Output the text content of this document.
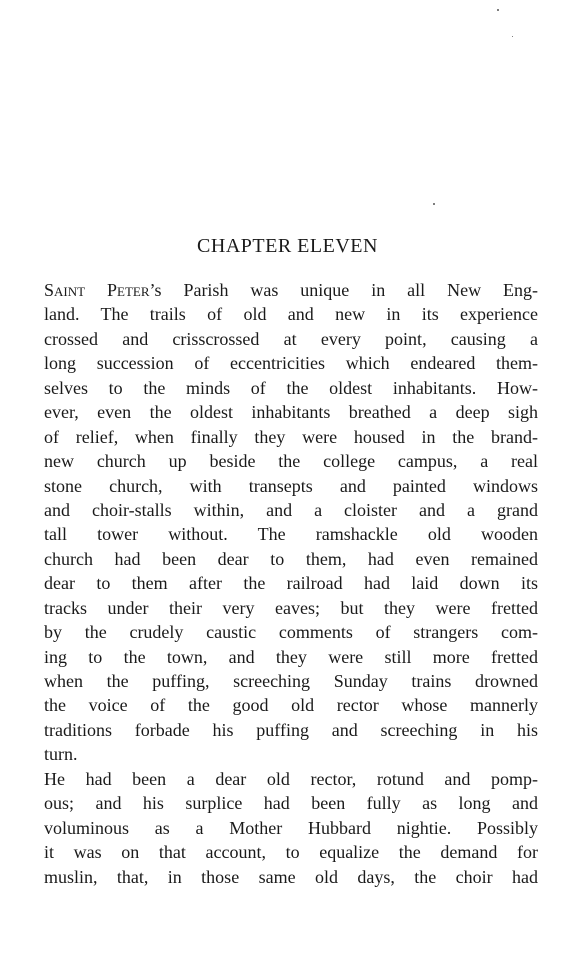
CHAPTER ELEVEN
Saint Peter’s Parish was unique in all New Eng-
land. The trails of old and new in its experience
crossed and crisscrossed at every point, causing a
long succession of eccentricities which endeared them-
selves to the minds of the oldest inhabitants. How-
ever, even the oldest inhabitants breathed a deep sigh
of relief, when finally they were housed in the brand-
new church up beside the college campus, a real
stone church, with transepts and painted windows
and choir-stalls within, and a cloister and a grand
tall tower without. The ramshackle old wooden
church had been dear to them, had even remained
dear to them after the railroad had laid down its
tracks under their very eaves; but they were fretted
by the crudely caustic comments of strangers com-
ing to the town, and they were still more fretted
when the puffing, screeching Sunday trains drowned
the voice of the good old rector whose mannerly
traditions forbade his puffing and screeching in his
turn.
He had been a dear old rector, rotund and pomp-
ous; and his surplice had been fully as long and
voluminous as a Mother Hubbard nightie. Possibly
it was on that account, to equalize the demand for
muslin, that, in those same old days, the choir had
